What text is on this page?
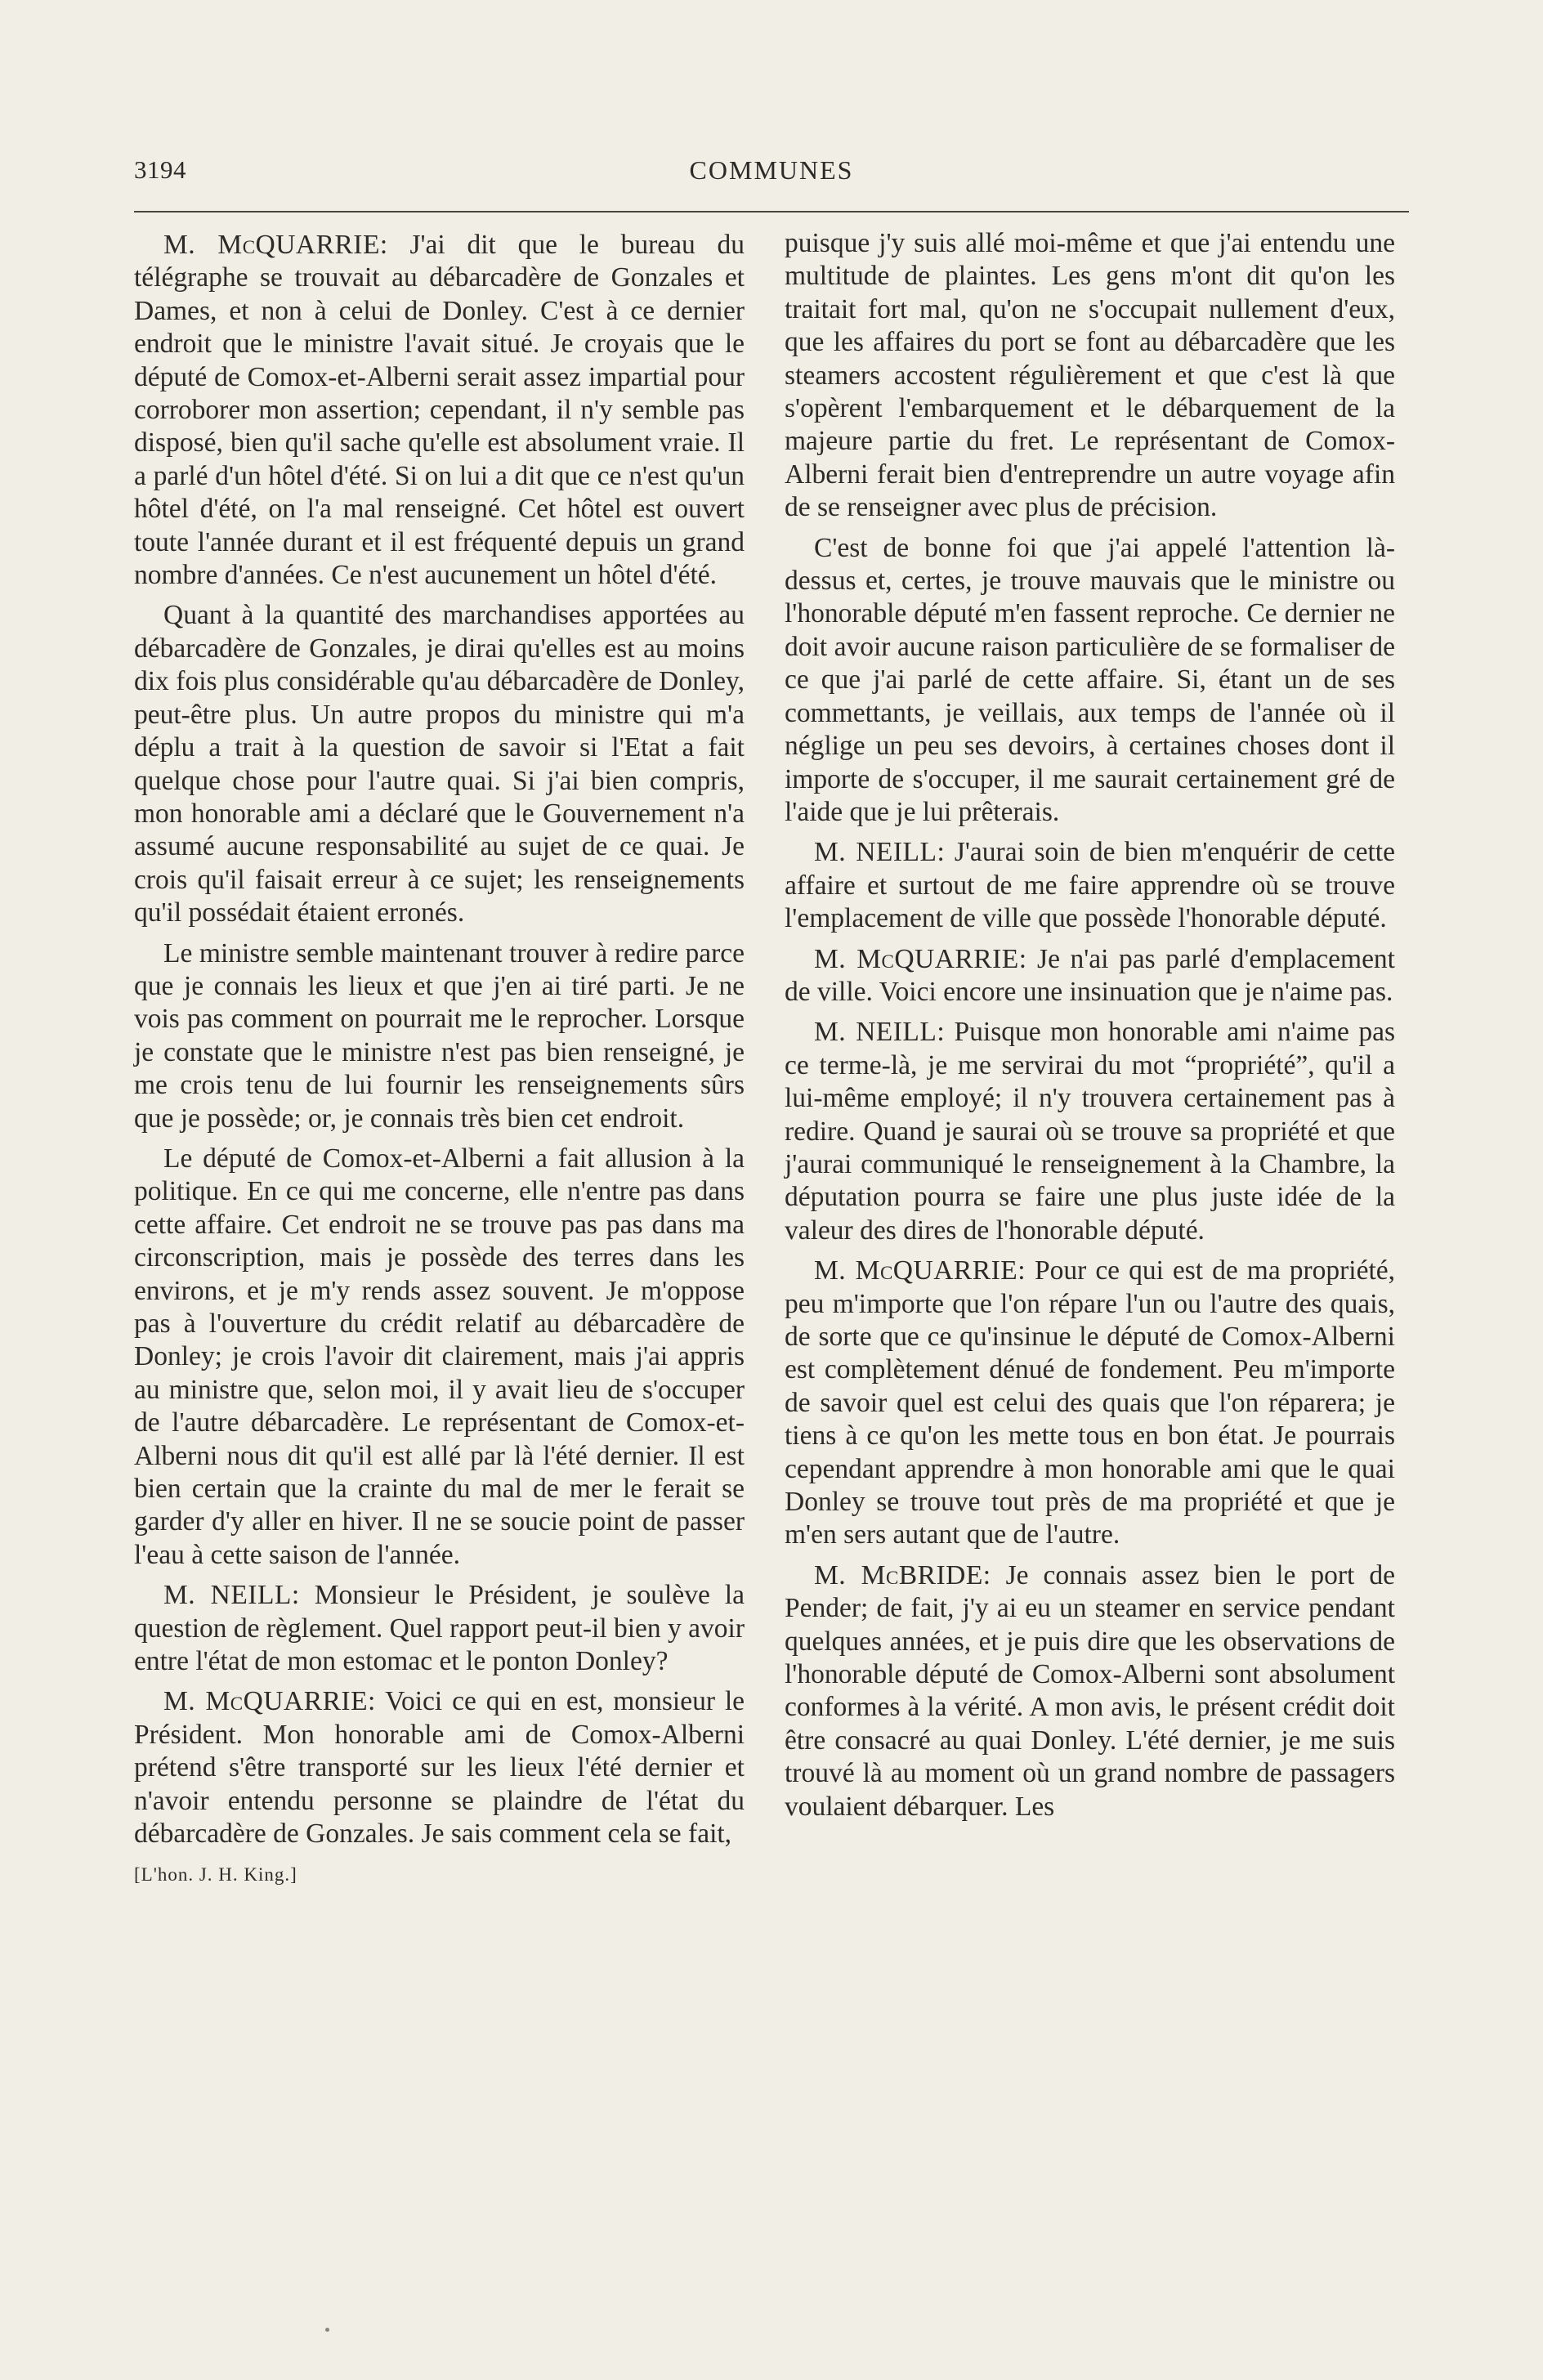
3194	COMMUNES

M. McQUARRIE: J'ai dit que le bureau du télégraphe se trouvait au débarcadère de Gonzales et Dames, et non à celui de Donley. C'est à ce dernier endroit que le ministre l'avait situé. Je croyais que le député de Comox-et-Alberni serait assez impartial pour corroborer mon assertion; cependant, il n'y semble pas disposé, bien qu'il sache qu'elle est absolument vraie. Il a parlé d'un hôtel d'été. Si on lui a dit que ce n'est qu'un hôtel d'été, on l'a mal renseigné. Cet hôtel est ouvert toute l'année durant et il est fréquenté depuis un grand nombre d'années. Ce n'est aucunement un hôtel d'été.

Quant à la quantité des marchandises apportées au débarcadère de Gonzales, je dirai qu'elles est au moins dix fois plus considérable qu'au débarcadère de Donley, peut-être plus. Un autre propos du ministre qui m'a déplu a trait à la question de savoir si l'Etat a fait quelque chose pour l'autre quai. Si j'ai bien compris, mon honorable ami a déclaré que le Gouvernement n'a assumé aucune responsabilité au sujet de ce quai. Je crois qu'il faisait erreur à ce sujet; les renseignements qu'il possédait étaient erronés.

Le ministre semble maintenant trouver à redire parce que je connais les lieux et que j'en ai tiré parti. Je ne vois pas comment on pourrait me le reprocher. Lorsque je constate que le ministre n'est pas bien renseigné, je me crois tenu de lui fournir les renseignements sûrs que je possède; or, je connais très bien cet endroit.

Le député de Comox-et-Alberni a fait allusion à la politique. En ce qui me concerne, elle n'entre pas dans cette affaire. Cet endroit ne se trouve pas pas dans ma circonscription, mais je possède des terres dans les environs, et je m'y rends assez souvent. Je m'oppose pas à l'ouverture du crédit relatif au débarcadère de Donley; je crois l'avoir dit clairement, mais j'ai appris au ministre que, selon moi, il y avait lieu de s'occuper de l'autre débarcadère. Le représentant de Comox-et-Alberni nous dit qu'il est allé par là l'été dernier. Il est bien certain que la crainte du mal de mer le ferait se garder d'y aller en hiver. Il ne se soucie point de passer l'eau à cette saison de l'année.

M. NEILL: Monsieur le Président, je soulève la question de règlement. Quel rapport peut-il bien y avoir entre l'état de mon estomac et le ponton Donley?

M. McQUARRIE: Voici ce qui en est, monsieur le Président. Mon honorable ami de Comox-Alberni prétend s'être transporté sur les lieux l'été dernier et n'avoir entendu personne se plaindre de l'état du débarcadère de Gonzales. Je sais comment cela se fait,

[L'hon. J. H. King.]

puisque j'y suis allé moi-même et que j'ai entendu une multitude de plaintes. Les gens m'ont dit qu'on les traitait fort mal, qu'on ne s'occupait nullement d'eux, que les affaires du port se font au débarcadère que les steamers accostent régulièrement et que c'est là que s'opèrent l'embarquement et le débarquement de la majeure partie du fret. Le représentant de Comox-Alberni ferait bien d'entreprendre un autre voyage afin de se renseigner avec plus de précision.

C'est de bonne foi que j'ai appelé l'attention là-dessus et, certes, je trouve mauvais que le ministre ou l'honorable député m'en fassent reproche. Ce dernier ne doit avoir aucune raison particulière de se formaliser de ce que j'ai parlé de cette affaire. Si, étant un de ses commettants, je veillais, aux temps de l'année où il néglige un peu ses devoirs, à certaines choses dont il importe de s'occuper, il me saurait certainement gré de l'aide que je lui prêterais.

M. NEILL: J'aurai soin de bien m'enquérir de cette affaire et surtout de me faire apprendre où se trouve l'emplacement de ville que possède l'honorable député.

M. McQUARRIE: Je n'ai pas parlé d'emplacement de ville. Voici encore une insinuation que je n'aime pas.

M. NEILL: Puisque mon honorable ami n'aime pas ce terme-là, je me servirai du mot “propriété”, qu'il a lui-même employé; il n'y trouvera certainement pas à redire. Quand je saurai où se trouve sa propriété et que j'aurai communiqué le renseignement à la Chambre, la députation pourra se faire une plus juste idée de la valeur des dires de l'honorable député.

M. McQUARRIE: Pour ce qui est de ma propriété, peu m'importe que l'on répare l'un ou l'autre des quais, de sorte que ce qu'insinue le député de Comox-Alberni est complètement dénué de fondement. Peu m'importe de savoir quel est celui des quais que l'on réparera; je tiens à ce qu'on les mette tous en bon état. Je pourrais cependant apprendre à mon honorable ami que le quai Donley se trouve tout près de ma propriété et que je m'en sers autant que de l'autre.

M. McBRIDE: Je connais assez bien le port de Pender; de fait, j'y ai eu un steamer en service pendant quelques années, et je puis dire que les observations de l'honorable député de Comox-Alberni sont absolument conformes à la vérité. A mon avis, le présent crédit doit être consacré au quai Donley. L'été dernier, je me suis trouvé là au moment où un grand nombre de passagers voulaient débarquer. Les
